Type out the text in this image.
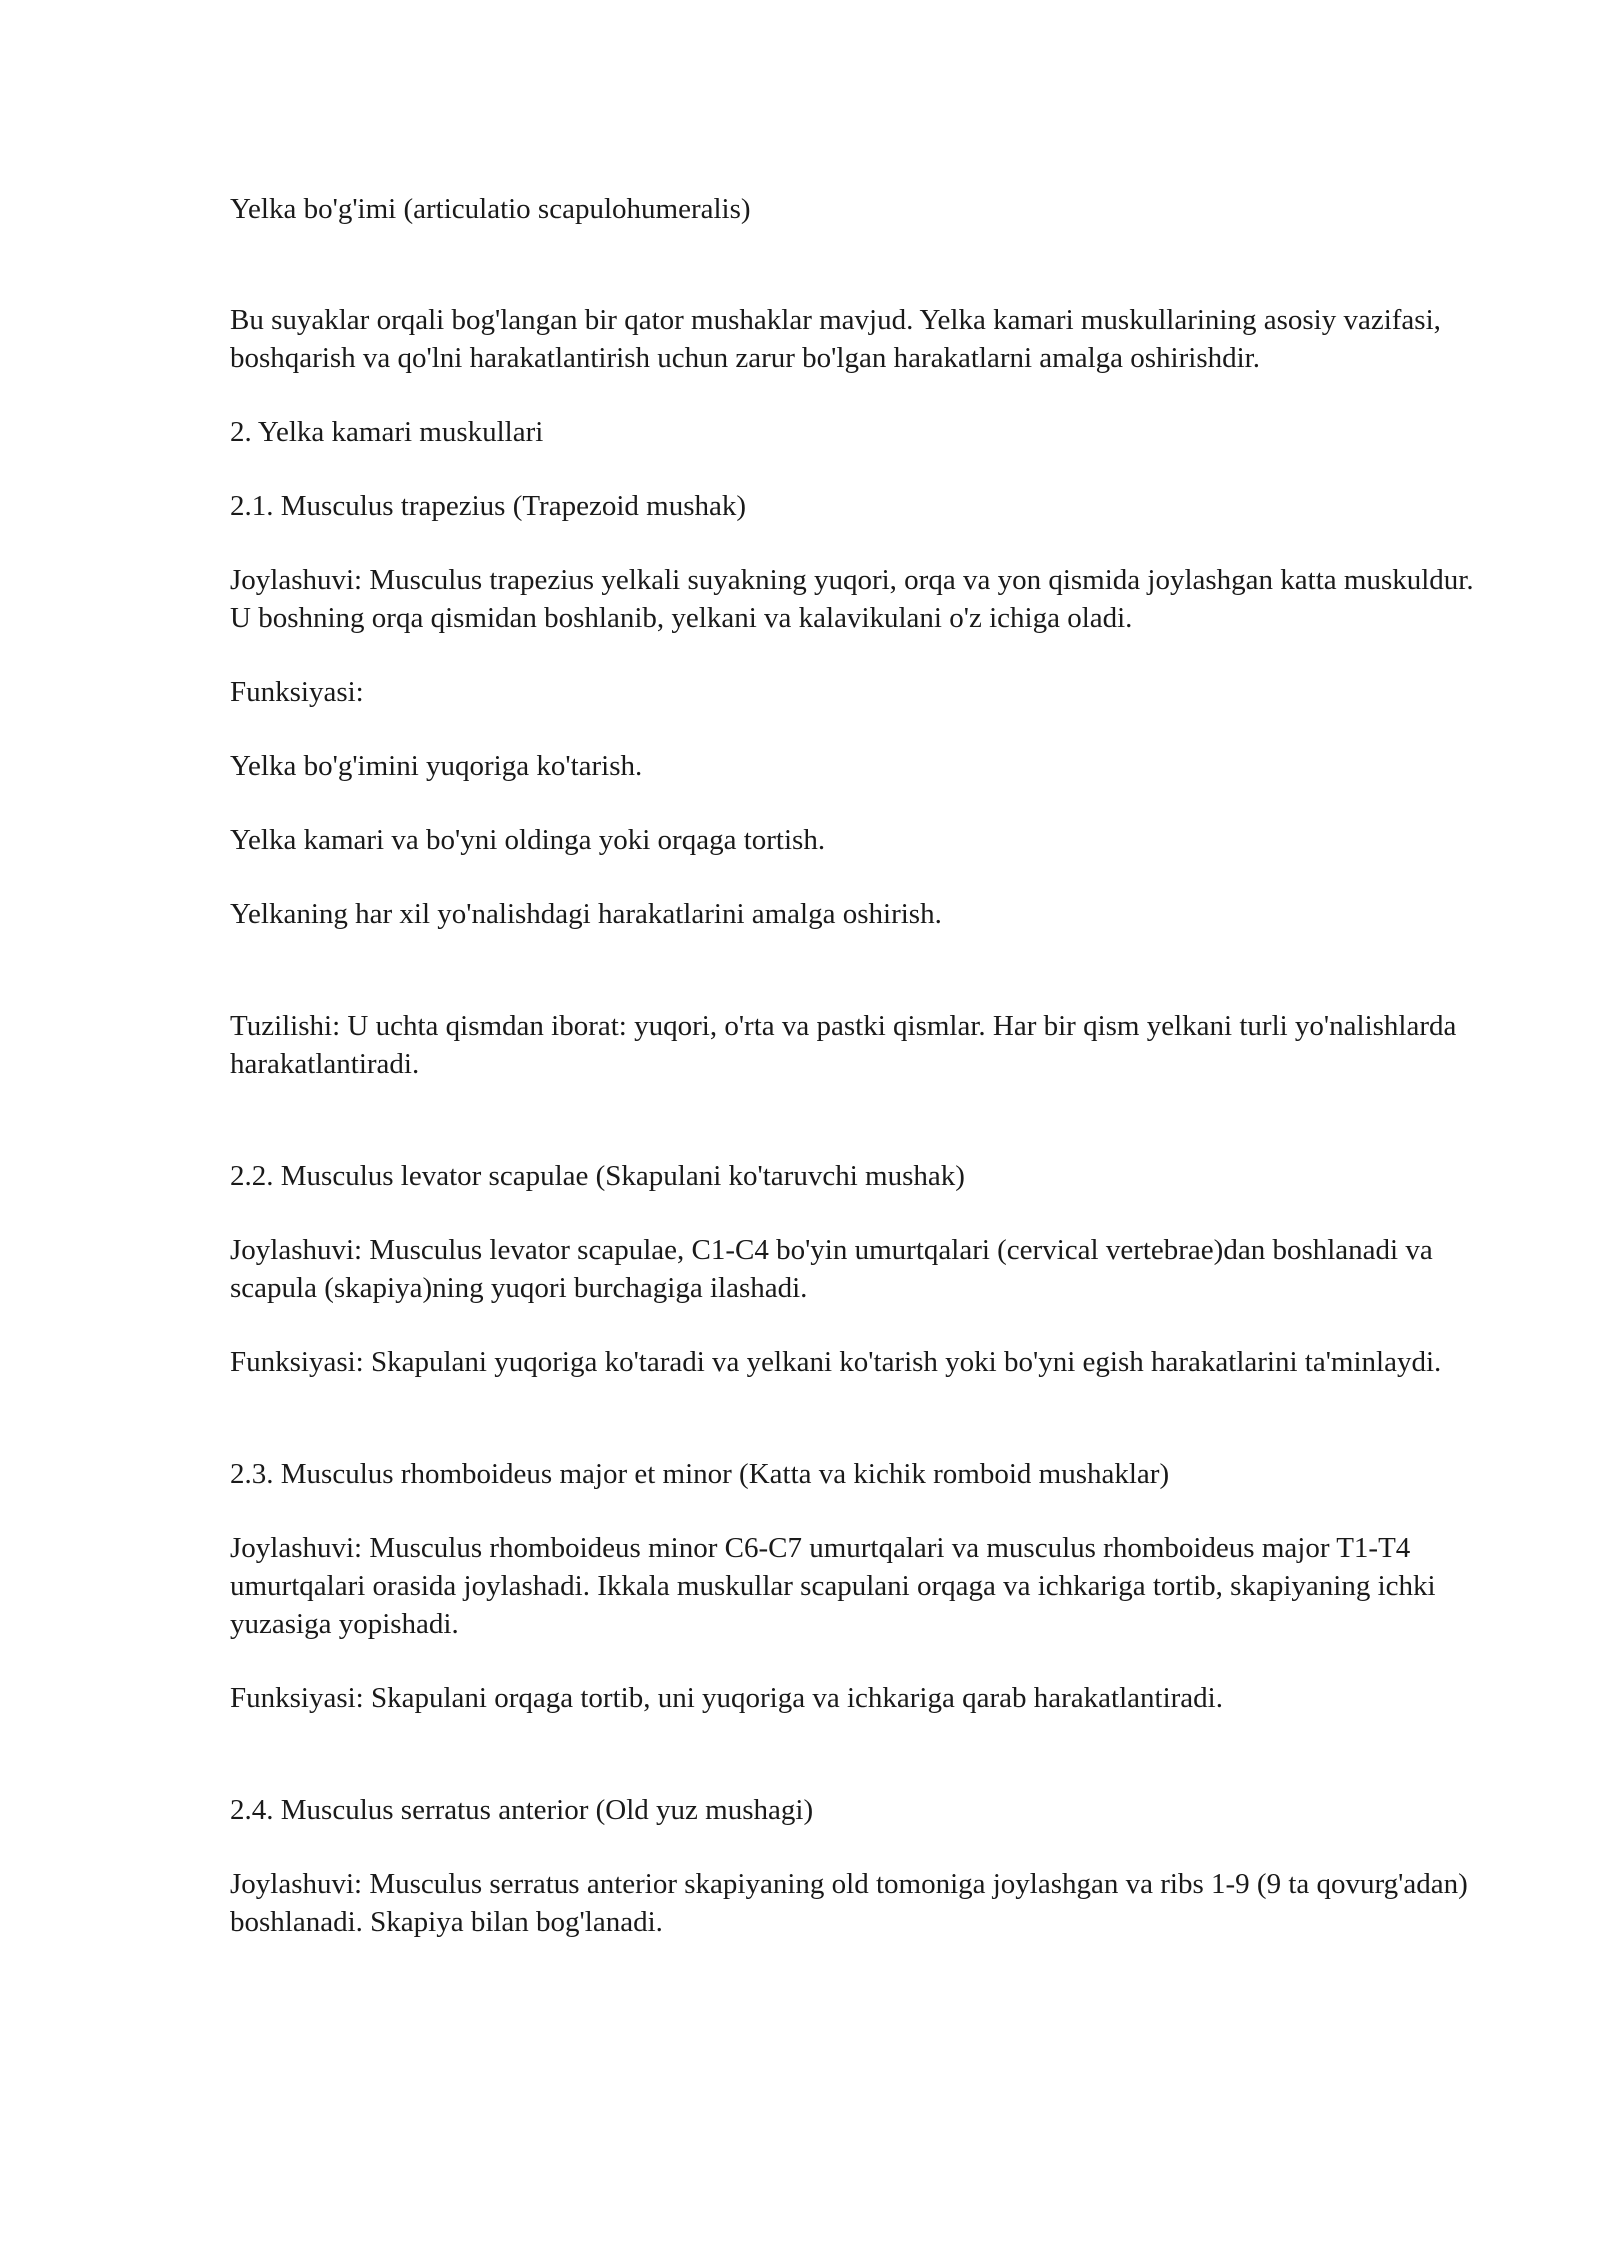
Yelka bo'g'imi (articulatio scapulohumeralis)

Bu suyaklar orqali bog'langan bir qator mushaklar mavjud. Yelka kamari muskullarining asosiy vazifasi, boshqarish va qo'lni harakatlantirish uchun zarur bo'lgan harakatlarni amalga oshirishdir.

2. Yelka kamari muskullari

2.1. Musculus trapezius (Trapezoid mushak)

Joylashuvi: Musculus trapezius yelkali suyakning yuqori, orqa va yon qismida joylashgan katta muskuldur. U boshning orqa qismidan boshlanib, yelkani va kalavikulani o'z ichiga oladi.

Funksiyasi:

Yelka bo'g'imini yuqoriga ko'tarish.

Yelka kamari va bo'yni oldinga yoki orqaga tortish.

Yelkaning har xil yo'nalishdagi harakatlarini amalga oshirish.

Tuzilishi: U uchta qismdan iborat: yuqori, o'rta va pastki qismlar. Har bir qism yelkani turli yo'nalishlarda harakatlantiradi.

2.2. Musculus levator scapulae (Skapulani ko'taruvchi mushak)

Joylashuvi: Musculus levator scapulae, C1-C4 bo'yin umurtqalari (cervical vertebrae)dan boshlanadi va scapula (skapiya)ning yuqori burchagiga ilashadi.

Funksiyasi: Skapulani yuqoriga ko'taradi va yelkani ko'tarish yoki bo'yni egish harakatlarini ta'minlaydi.

2.3. Musculus rhomboideus major et minor (Katta va kichik romboid mushaklar)

Joylashuvi: Musculus rhomboideus minor C6-C7 umurtqalari va musculus rhomboideus major T1-T4 umurtqalari orasida joylashadi. Ikkala muskullar scapulani orqaga va ichkariga tortib, skapiyaning ichki yuzasiga yopishadi.

Funksiyasi: Skapulani orqaga tortib, uni yuqoriga va ichkariga qarab harakatlantiradi.

2.4. Musculus serratus anterior (Old yuz mushagi)

Joylashuvi: Musculus serratus anterior skapiyaning old tomoniga joylashgan va ribs 1-9 (9 ta qovurg'adan) boshlanadi. Skapiya bilan bog'lanadi.
